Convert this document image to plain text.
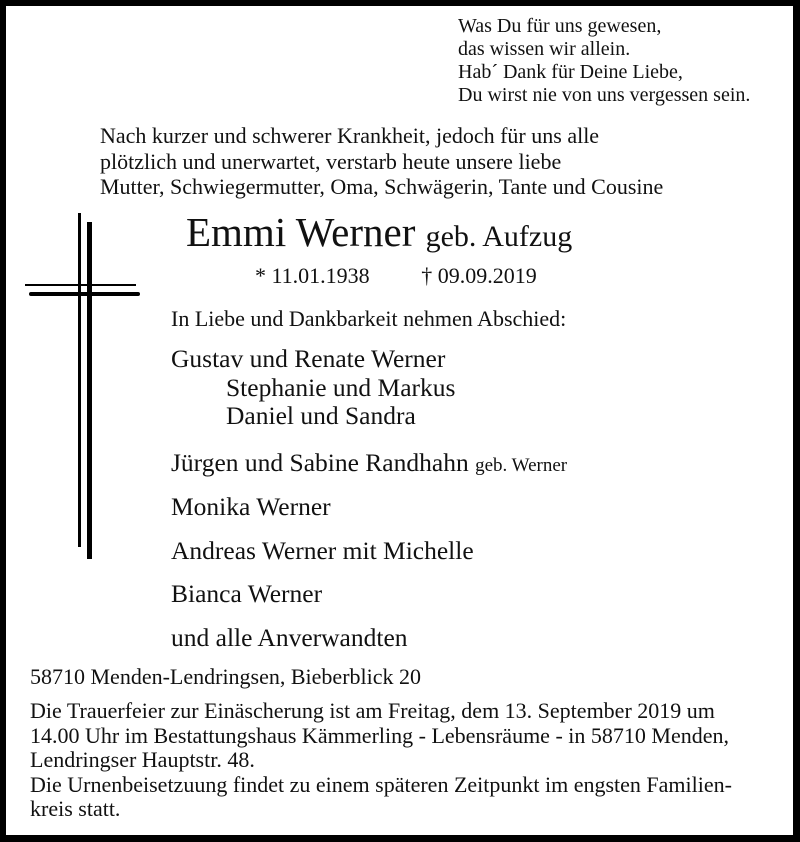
Was Du für uns gewesen,
das wissen wir allein.
Hab´ Dank für Deine Liebe,
Du wirst nie von uns vergessen sein.
Nach kurzer und schwerer Krankheit, jedoch für uns alle
plötzlich und unerwartet, verstarb heute unsere liebe
Mutter, Schwiegermutter, Oma, Schwägerin, Tante und Cousine
Emmi Werner geb. Aufzug
* 11.01.1938 † 09.09.2019
In Liebe und Dankbarkeit nehmen Abschied:
Gustav und Renate Werner
Stephanie und Markus
Daniel und Sandra
Jürgen und Sabine Randhahn geb. Werner
Monika Werner
Andreas Werner mit Michelle
Bianca Werner
und alle Anverwandten
58710 Menden-Lendringsen, Bieberblick 20
Die Trauerfeier zur Einäscherung ist am Freitag, dem 13. September 2019 um
14.00 Uhr im Bestattungshaus Kämmerling - Lebensräume - in 58710 Menden,
Lendringser Hauptstr. 48.
Die Urnenbeisetzuung findet zu einem späteren Zeitpunkt im engsten Familien-
kreis statt.
